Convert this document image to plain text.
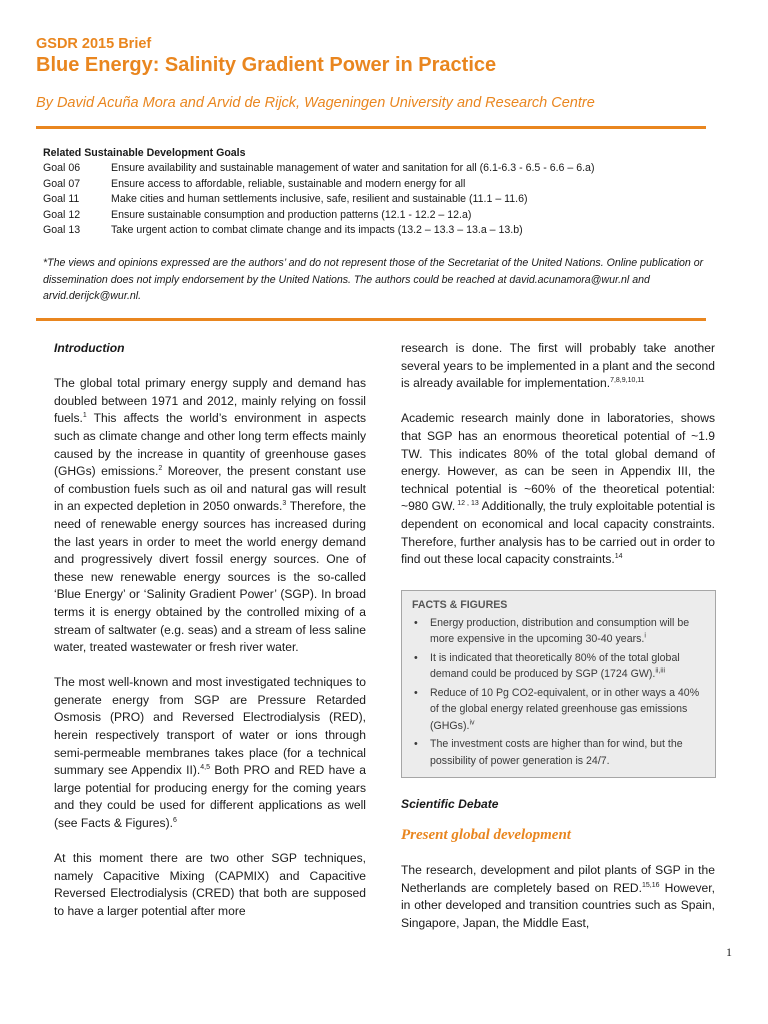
GSDR 2015 Brief
Blue Energy: Salinity Gradient Power in Practice
By David Acuña Mora and Arvid de Rijck, Wageningen University and Research Centre
Related Sustainable Development Goals
Goal 06	Ensure availability and sustainable management of water and sanitation for all (6.1-6.3 - 6.5 - 6.6 – 6.a)
Goal 07	Ensure access to affordable, reliable, sustainable and modern energy for all
Goal 11	Make cities and human settlements inclusive, safe, resilient and sustainable (11.1 – 11.6)
Goal 12	Ensure sustainable consumption and production patterns (12.1 - 12.2 – 12.a)
Goal 13	Take urgent action to combat climate change and its impacts (13.2 – 13.3 – 13.a – 13.b)
*The views and opinions expressed are the authors’ and do not represent those of the Secretariat of the United Nations. Online publication or dissemination does not imply endorsement by the United Nations. The authors could be reached at david.acunamora@wur.nl and arvid.derijck@wur.nl.

Introduction

The global total primary energy supply and demand has doubled between 1971 and 2012, mainly relying on fossil fuels.$^1$ This affects the world’s environment in aspects such as climate change and other long term effects mainly caused by the increase in quantity of greenhouse gases (GHGs) emissions.$^2$ Moreover, the present constant use of combustion fuels such as oil and natural gas will result in an expected depletion in 2050 onwards.$^3$ Therefore, the need of renewable energy sources has increased during the last years in order to meet the world energy demand and progressively divert fossil energy sources. One of these new renewable energy sources is the so-called ‘Blue Energy’ or ‘Salinity Gradient Power’ (SGP). In broad terms it is energy obtained by the controlled mixing of a stream of saltwater (e.g. seas) and a stream of less saline water, treated wastewater or fresh river water.

The most well-known and most investigated techniques to generate energy from SGP are Pressure Retarded Osmosis (PRO) and Reversed Electrodialysis (RED), herein respectively transport of water or ions through semi-permeable membranes takes place (for a technical summary see Appendix II).$^{4,5}$ Both PRO and RED have a large potential for producing energy for the coming years and they could be used for different applications as well (see Facts & Figures).$^6$

At this moment there are two other SGP techniques, namely Capacitive Mixing (CAPMIX) and Capacitive Reversed Electrodialysis (CRED) that both are supposed to have a larger potential after more

research is done. The first will probably take another several years to be implemented in a plant and the second is already available for implementation.$^{7,8,9,10,11}$

Academic research mainly done in laboratories, shows that SGP has an enormous theoretical potential of ~1.9 TW. This indicates 80% of the total global demand of energy. However, as can be seen in Appendix III, the technical potential is ~60% of the theoretical potential: ~980 GW. $^{12 , 13}$ Additionally, the truly exploitable potential is dependent on economical and local capacity constraints. Therefore, further analysis has to be carried out in order to find out these local capacity constraints.$^{14}$

FACTS & FIGURES
• Energy production, distribution and consumption will be more expensive in the upcoming 30-40 years.$^i$
• It is indicated that theoretically 80% of the total global demand could be produced by SGP (1724 GW).$^{ii,iii}$
• Reduce of 10 Pg CO2-equivalent, or in other ways a 40% of the global energy related greenhouse gas emissions (GHGs).$^{iv}$
• The investment costs are higher than for wind, but the possibility of power generation is 24/7.
Scientific Debate
Present global development

The research, development and pilot plants of SGP in the Netherlands are completely based on RED.$^{15,16}$ However, in other developed and transition countries such as Spain, Singapore, Japan, the Middle East,

1
